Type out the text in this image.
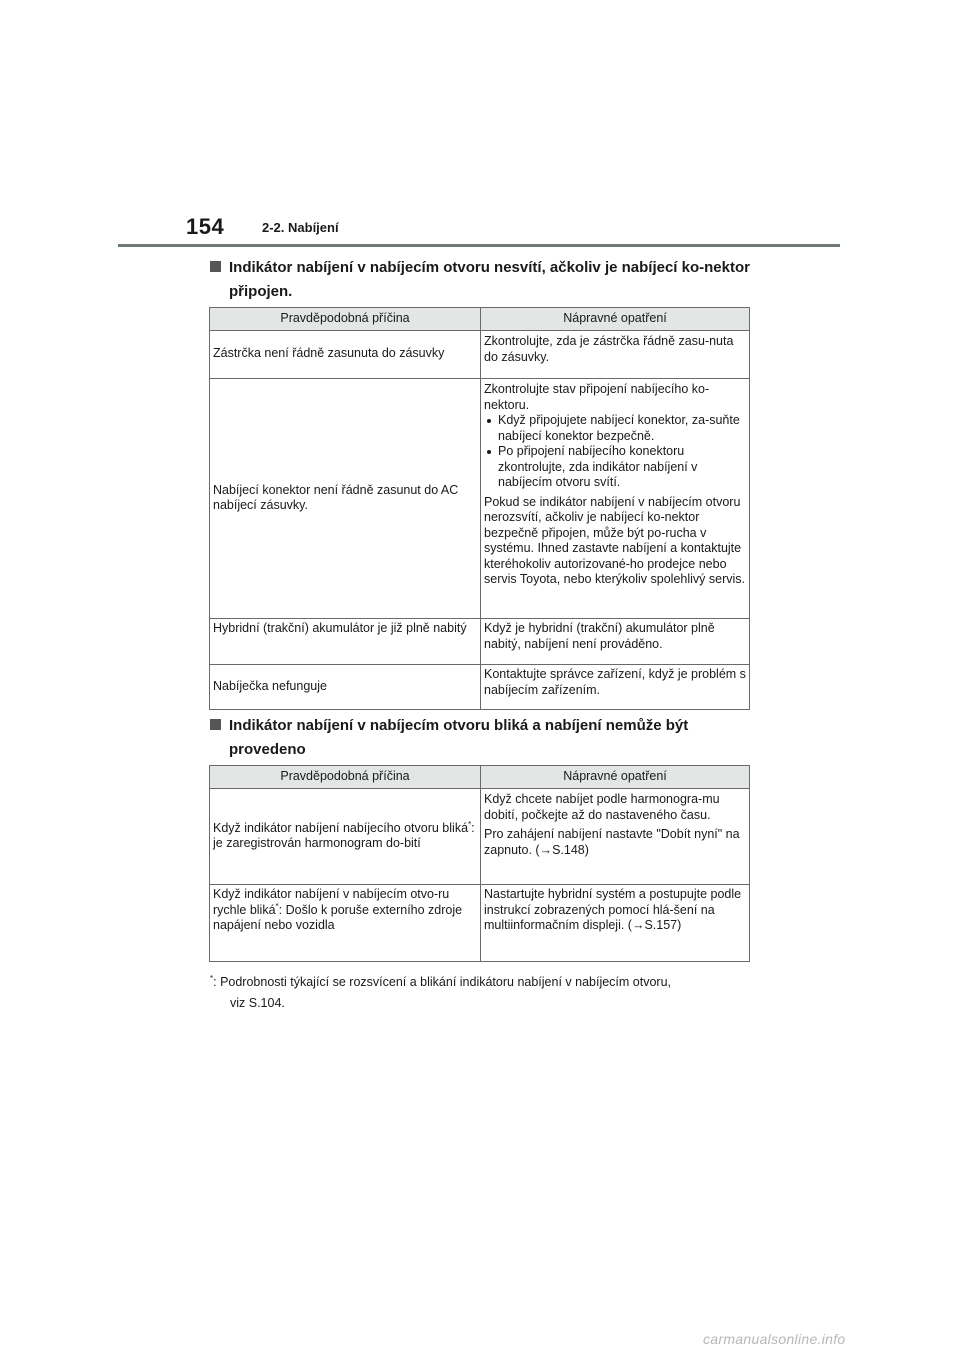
154	2-2. Nabíjení
Indikátor nabíjení v nabíjecím otvoru nesvítí, ačkoliv je nabíjecí ko-nektor připojen.
Pravděpodobná příčina	Nápravné opatření
Zástrčka není řádně zasunuta do zásuvky	Zkontrolujte, zda je zástrčka řádně zasu-nuta do zásuvky.
Nabíjecí konektor není řádně zasunut do AC nabíjecí zásuvky.	Zkontrolujte stav připojení nabíjecího ko-nektoru.
Když připojujete nabíjecí konektor, za-suňte nabíjecí konektor bezpečně.
Po připojení nabíjecího konektoru zkontrolujte, zda indikátor nabíjení v nabíjecím otvoru svítí.
Pokud se indikátor nabíjení v nabíjecím otvoru nerozsvítí, ačkoliv je nabíjecí ko-nektor bezpečně připojen, může být po-rucha v systému. Ihned zastavte nabíjení a kontaktujte kteréhokoliv autorizované-ho prodejce nebo servis Toyota, nebo kterýkoliv spolehlivý servis.

Hybridní (trakční) akumulátor je již plně nabitý	Když je hybridní (trakční) akumulátor plně nabitý, nabíjení není prováděno.
Nabíječka nefunguje	Kontaktujte správce zařízení, když je problém s nabíjecím zařízením.
Indikátor nabíjení v nabíjecím otvoru bliká a nabíjení nemůže být provedeno
Pravděpodobná příčina	Nápravné opatření
Když indikátor nabíjení nabíjecího otvoru bliká*: je zaregistrován harmonogram do-bití	Když chcete nabíjet podle harmonogra-mu dobití, počkejte až do nastaveného času.
Pro zahájení nabíjení nastavte "Dobít nyní" na zapnuto. (→S.148)

Když indikátor nabíjení v nabíjecím otvo-ru rychle bliká*: Došlo k poruše externího zdroje napájení nebo vozidla	Nastartujte hybridní systém a postupujte podle instrukcí zobrazených pomocí hlá-šení na multiinformačním displeji. (→S.157)
*: Podrobnosti týkající se rozsvícení a blikání indikátoru nabíjení v nabíjecím otvoru,
viz S.104.
carmanualsonline.info
